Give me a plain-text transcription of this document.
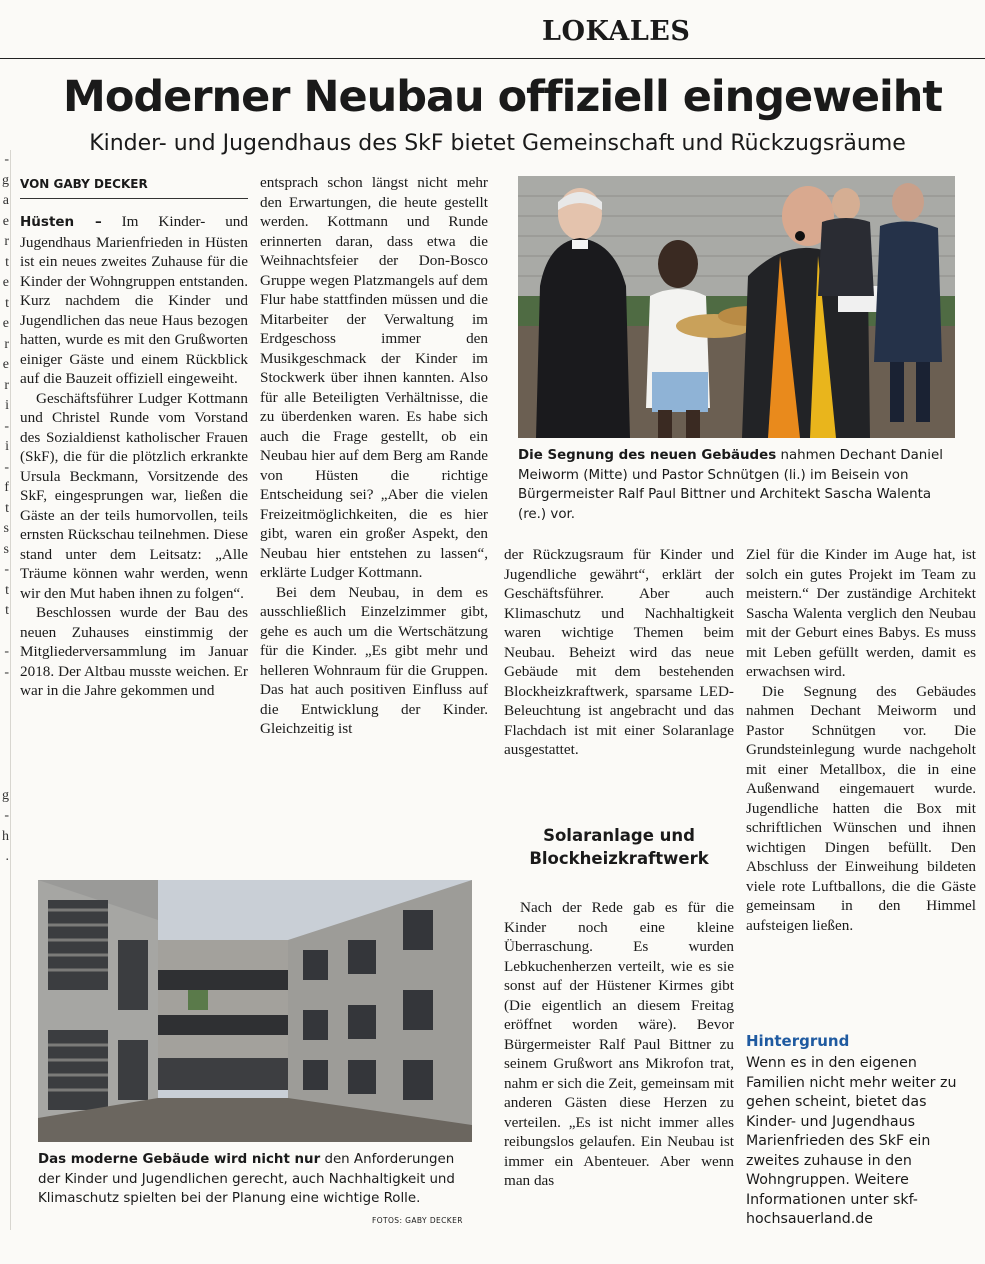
-
g
a
e
r
t
e
t
e
r
e
r
i
-
i
-
f
t
s
s
-
t
t

-
-

g
-
h
.
LOKALES
Moderner Neubau offiziell eingeweiht
Kinder- und Jugendhaus des SkF bietet Gemeinschaft und Rückzugsräume
VON GABY DECKER

Hüsten – Im Kinder- und Jugendhaus Marienfrieden in Hüsten ist ein neues zweites Zuhause für die Kinder der Wohngruppen entstanden. Kurz nachdem die Kinder und Jugendlichen das neue Haus bezogen hatten, wurde es mit den Grußworten einiger Gäste und einem Rückblick auf die Bauzeit offiziell eingeweiht.

Geschäftsführer Ludger Kottmann und Christel Runde vom Vorstand des Sozialdienst katholischer Frauen (SkF), die für die plötzlich erkrankte Ursula Beckmann, Vorsitzende des SkF, eingesprungen war, ließen die Gäste an der teils humorvollen, teils ernsten Rückschau teilnehmen. Diese stand unter dem Leitsatz: „Alle Träume können wahr werden, wenn wir den Mut haben ihnen zu folgen“.

Beschlossen wurde der Bau des neuen Zuhauses einstimmig der Mitgliederversammlung im Januar 2018. Der Altbau musste weichen. Er war in die Jahre gekommen und

entsprach schon längst nicht mehr den Erwartungen, die heute gestellt werden. Kottmann und Runde erinnerten daran, dass etwa die Weihnachtsfeier der Don-Bosco Gruppe wegen Platzmangels auf dem Flur habe stattfinden müssen und die Mitarbeiter der Verwaltung im Erdgeschoss immer den Musikgeschmack der Kinder im Stockwerk über ihnen kannten. Also für alle Beteiligten Verhältnisse, die zu überdenken waren. Es habe sich auch die Frage gestellt, ob ein Neubau hier auf dem Berg am Rande von Hüsten die richtige Entscheidung sei? „Aber die vielen Freizeitmöglichkeiten, die es hier gibt, waren ein großer Aspekt, den Neubau hier entstehen zu lassen“, erklärte Ludger Kottmann.

Bei dem Neubau, in dem es ausschließlich Einzelzimmer gibt, gehe es auch um die Wertschätzung für die Kinder. „Es gibt mehr und helleren Wohnraum für die Gruppen. Das hat auch positiven Einfluss auf die Entwicklung der Kinder. Gleichzeitig ist

Die Segnung des neuen Gebäudes nahmen Dechant Daniel Meiworm (Mitte) und Pastor Schnütgen (li.) im Beisein von Bürgermeister Ralf Paul Bittner und Architekt Sascha Walenta (re.) vor.

der Rückzugsraum für Kinder und Jugendliche gewährt“, erklärt der Geschäftsführer. Aber auch Klimaschutz und Nachhaltigkeit waren wichtige Themen beim Neubau. Beheizt wird das neue Gebäude mit dem bestehenden Blockheizkraftwerk, sparsame LED-Beleuchtung ist angebracht und das Flachdach ist mit einer Solaranlage ausgestattet.

Solaranlage und
Blockheizkraftwerk

Nach der Rede gab es für die Kinder noch eine kleine Überraschung. Es wurden Lebkuchenherzen verteilt, wie es sie sonst auf der Hüstener Kirmes gibt (Die eigentlich an diesem Freitag eröffnet worden wäre). Bevor Bürgermeister Ralf Paul Bittner zu seinem Grußwort ans Mikrofon trat, nahm er sich die Zeit, gemeinsam mit anderen Gästen diese Herzen zu verteilen. „Es ist nicht immer alles reibungslos gelaufen. Ein Neubau ist immer ein Abenteuer. Aber wenn man das

Ziel für die Kinder im Auge hat, ist solch ein gutes Projekt im Team zu meistern.“ Der zuständige Architekt Sascha Walenta verglich den Neubau mit der Geburt eines Babys. Es muss mit Leben gefüllt werden, damit es erwachsen wird.

Die Segnung des Gebäudes nahmen Dechant Meiworm und Pastor Schnütgen vor. Die Grundsteinlegung wurde nachgeholt mit einer Metallbox, die in eine Außenwand eingemauert wurde. Jugendliche hatten die Box mit schriftlichen Wünschen und ihnen wichtigen Dingen befüllt. Den Abschluss der Einweihung bildeten viele rote Luftballons, die die Gäste gemeinsam in den Himmel aufsteigen ließen.

Hintergrund
Wenn es in den eigenen Familien nicht mehr weiter zu gehen scheint, bietet das Kinder- und Jugendhaus Marienfrieden des SkF ein zweites zuhause in den Wohngruppen. Weitere Informationen unter skf-hochsauerland.de
Das moderne Gebäude wird nicht nur den Anforderungen der Kinder und Jugendlichen gerecht, auch Nachhaltigkeit und Klimaschutz spielten bei der Planung eine wichtige Rolle.
FOTOS: GABY DECKER
